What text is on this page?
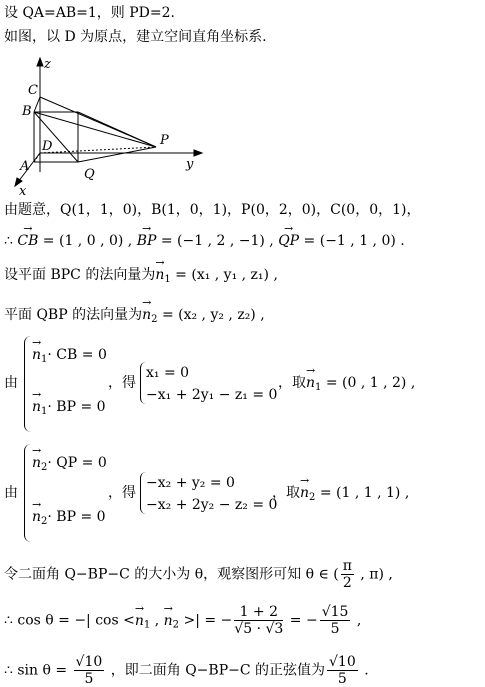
设 QA=AB=1，则 PD=2.
如图，以 D 为原点，建立空间直角坐标系.
z
y
x
C
B
D
A
P
Q
由题意，Q(1，1，0)，B(1，0，1)，P(0，2，0)，C(0，0，1)，
∴ → CB = (1 , 0 , 0) , → BP = (−1 , 2 , −1) , → QP = (−1 , 1 , 0) .
设平面 BPC 的法向量为→ $n_1 = (x_1$ , y₁ , z₁) ,
平面 QBP 的法向量为→ $n_2 = (x_2$ , y₂ , z₂) ,
由
→ $n_1\cdot$ CB = 0
→ $n_1\cdot$ BP = 0
，得
x₁ = 0
−x₁ + 2y₁ − z₁ = 0
，取→ $n_1 = (0$ , 1 , 2) ,
由
→ $n_2\cdot$ QP = 0
→ $n_2\cdot$ BP = 0
，得
−x₂ + y₂ = 0
−x₂ + 2y₂ − z₂ = 0
，取→ $n_2 = (1$ , 1 , 1) ,
令二面角 Q−BP−C 的大小为 θ，观察图形可知 θ ∈ ( $\frac{\pi}{2}$ , π) ,
∴ cos θ = −| $\cos <\to n_1$ , → $n_2$ >| = − $\frac{1 + 2}{√5 \cdot √3}$ = − $\frac{√15}{5}$ ,
∴ $\sin \theta = \frac{√10}{5}$ ，即二面角 Q−BP−C 的正弦值为 $\frac{√10}{5}$ .
